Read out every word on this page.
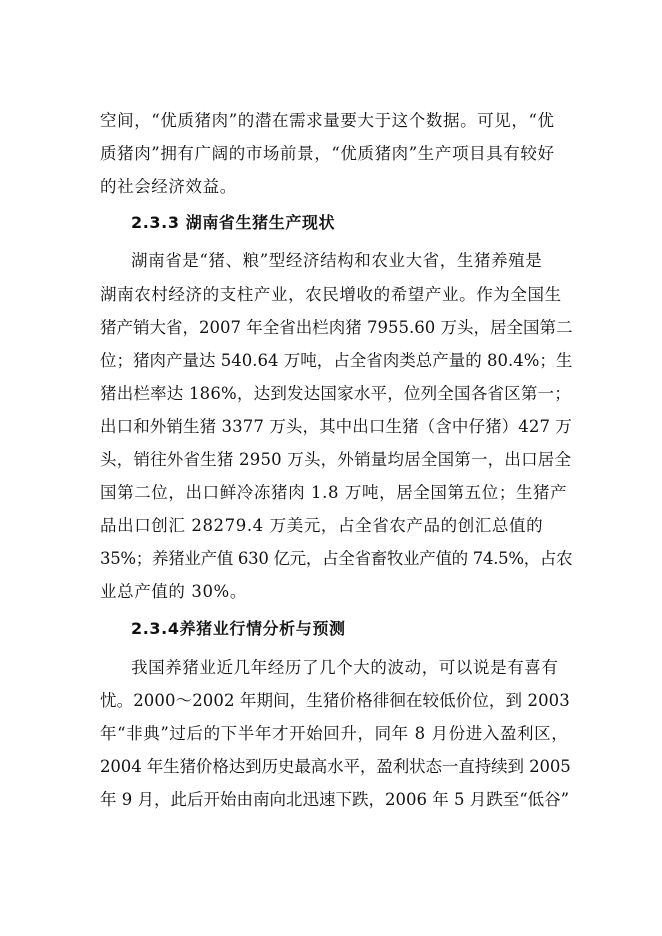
空间，“优质猪肉”的潜在需求量要大于这个数据。可见，“优

质猪肉”拥有广阔的市场前景，“优质猪肉”生产项目具有较好

的社会经济效益。

2.3.3 湖南省生猪生产现状

湖南省是“猪、粮”型经济结构和农业大省，生猪养殖是

湖南农村经济的支柱产业，农民增收的希望产业。作为全国生

猪产销大省，2007 年全省出栏肉猪 7955.60 万头，居全国第二

位；猪肉产量达 540.64 万吨，占全省肉类总产量的 80.4%；生

猪出栏率达 186%，达到发达国家水平，位列全国各省区第一；

出口和外销生猪 3377 万头，其中出口生猪（含中仔猪）427 万

头，销往外省生猪 2950 万头，外销量均居全国第一，出口居全

国第二位，出口鲜冷冻猪肉 1.8 万吨，居全国第五位；生猪产

品出口创汇 28279.4 万美元，占全省农产品的创汇总值的

35%；养猪业产值 630 亿元，占全省畜牧业产值的 74.5%，占农

业总产值的 30%。

2.3.4养猪业行情分析与预测

我国养猪业近几年经历了几个大的波动，可以说是有喜有

忧。2000～2002 年期间，生猪价格徘徊在较低价位，到 2003

年“非典”过后的下半年才开始回升，同年 8 月份进入盈利区，

2004 年生猪价格达到历史最高水平，盈利状态一直持续到 2005

年 9 月，此后开始由南向北迅速下跌，2006 年 5 月跌至“低谷”
